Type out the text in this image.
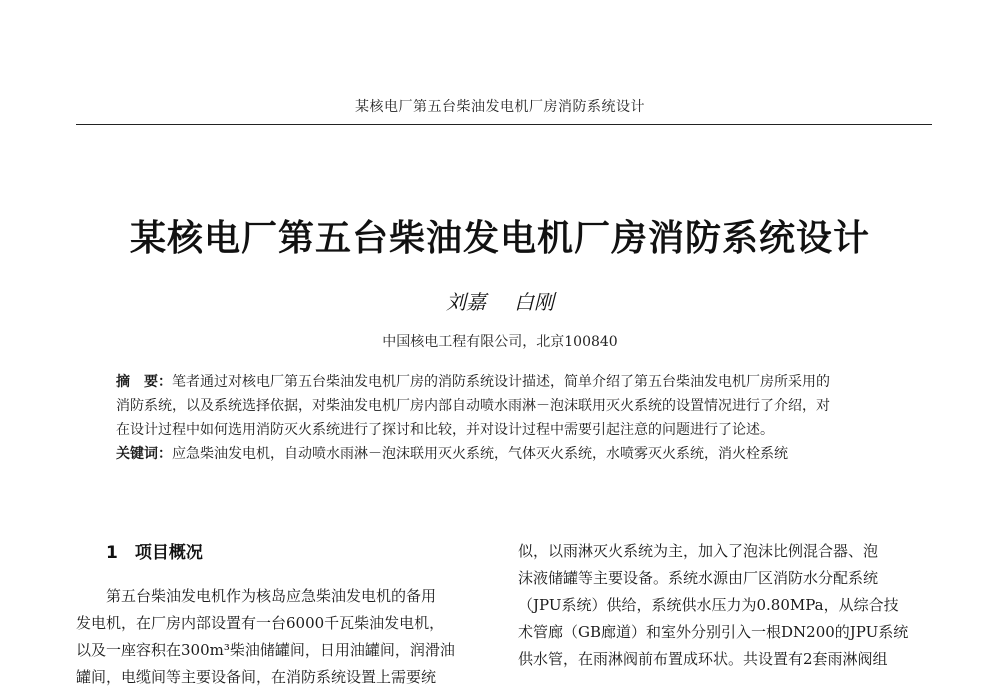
某核电厂第五台柴油发电机厂房消防系统设计
某核电厂第五台柴油发电机厂房消防系统设计
刘嘉 白刚
中国核电工程有限公司，北京100840
摘　要：笔者通过对核电厂第五台柴油发电机厂房的消防系统设计描述，简单介绍了第五台柴油发电机厂房所采用的
消防系统，以及系统选择依据，对柴油发电机厂房内部自动喷水雨淋－泡沫联用灭火系统的设置情况进行了介绍，对
在设计过程中如何选用消防灭火系统进行了探讨和比较，并对设计过程中需要引起注意的问题进行了论述。
关键词：应急柴油发电机，自动喷水雨淋－泡沫联用灭火系统，气体灭火系统，水喷雾灭火系统，消火栓系统
1　项目概况
　　第五台柴油发电机作为核岛应急柴油发电机的备用
发电机，在厂房内部设置有一台6000千瓦柴油发电机，
以及一座容积在300m³柴油储罐间，日用油罐间，润滑油
罐间，电缆间等主要设备间，在消防系统设置上需要统
似，以雨淋灭火系统为主，加入了泡沫比例混合器、泡
沫液储罐等主要设备。系统水源由厂区消防水分配系统
（JPU系统）供给，系统供水压力为0.80MPa，从综合技
术管廊（GB廊道）和室外分别引入一根DN200的JPU系统
供水管，在雨淋阀前布置成环状。共设置有2套雨淋阀组
